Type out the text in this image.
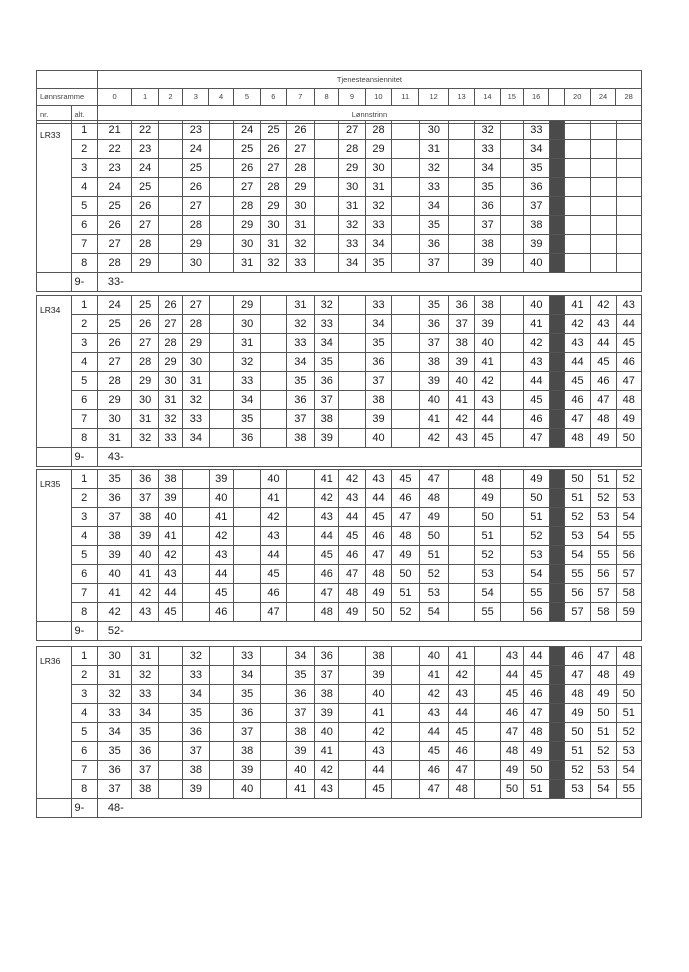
		Tjenesteansiennitet																				
Lønnsramme		0	1	2	3	4	5	6	7	8	9	10	11	12	13	14	15	16		20	24	28
nr.	alt.	Lønnstrinn																				
LR33	1	21	22		23		24	25	26		27	28		30		32		33				
	2	22	23		24		25	26	27		28	29		31		33		34				
	3	23	24		25		26	27	28		29	30		32		34		35				
	4	24	25		26		27	28	29		30	31		33		35		36				
	5	25	26		27		28	29	30		31	32		34		36		37				
	6	26	27		28		29	30	31		32	33		35		37		38				
	7	27	28		29		30	31	32		33	34		36		38		39				
	8	28	29		30		31	32	33		34	35		37		39		40				
	9-	33-																				
LR34	1	24	25	26	27		29		31	32		33		35	36	38		40		41	42	43
	2	25	26	27	28		30		32	33		34		36	37	39		41		42	43	44
	3	26	27	28	29		31		33	34		35		37	38	40		42		43	44	45
	4	27	28	29	30		32		34	35		36		38	39	41		43		44	45	46
	5	28	29	30	31		33		35	36		37		39	40	42		44		45	46	47
	6	29	30	31	32		34		36	37		38		40	41	43		45		46	47	48
	7	30	31	32	33		35		37	38		39		41	42	44		46		47	48	49
	8	31	32	33	34		36		38	39		40		42	43	45		47		48	49	50
	9-	43-																				
LR35	1	35	36	38		39		40		41	42	43	45	47		48		49		50	51	52
	2	36	37	39		40		41		42	43	44	46	48		49		50		51	52	53
	3	37	38	40		41		42		43	44	45	47	49		50		51		52	53	54
	4	38	39	41		42		43		44	45	46	48	50		51		52		53	54	55
	5	39	40	42		43		44		45	46	47	49	51		52		53		54	55	56
	6	40	41	43		44		45		46	47	48	50	52		53		54		55	56	57
	7	41	42	44		45		46		47	48	49	51	53		54		55		56	57	58
	8	42	43	45		46		47		48	49	50	52	54		55		56		57	58	59
	9-	52-																				
LR36	1	30	31		32		33		34	36		38		40	41		43	44		46	47	48
	2	31	32		33		34		35	37		39		41	42		44	45		47	48	49
	3	32	33		34		35		36	38		40		42	43		45	46		48	49	50
	4	33	34		35		36		37	39		41		43	44		46	47		49	50	51
	5	34	35		36		37		38	40		42		44	45		47	48		50	51	52
	6	35	36		37		38		39	41		43		45	46		48	49		51	52	53
	7	36	37		38		39		40	42		44		46	47		49	50		52	53	54
	8	37	38		39		40		41	43		45		47	48		50	51		53	54	55
	9-	48-																				
